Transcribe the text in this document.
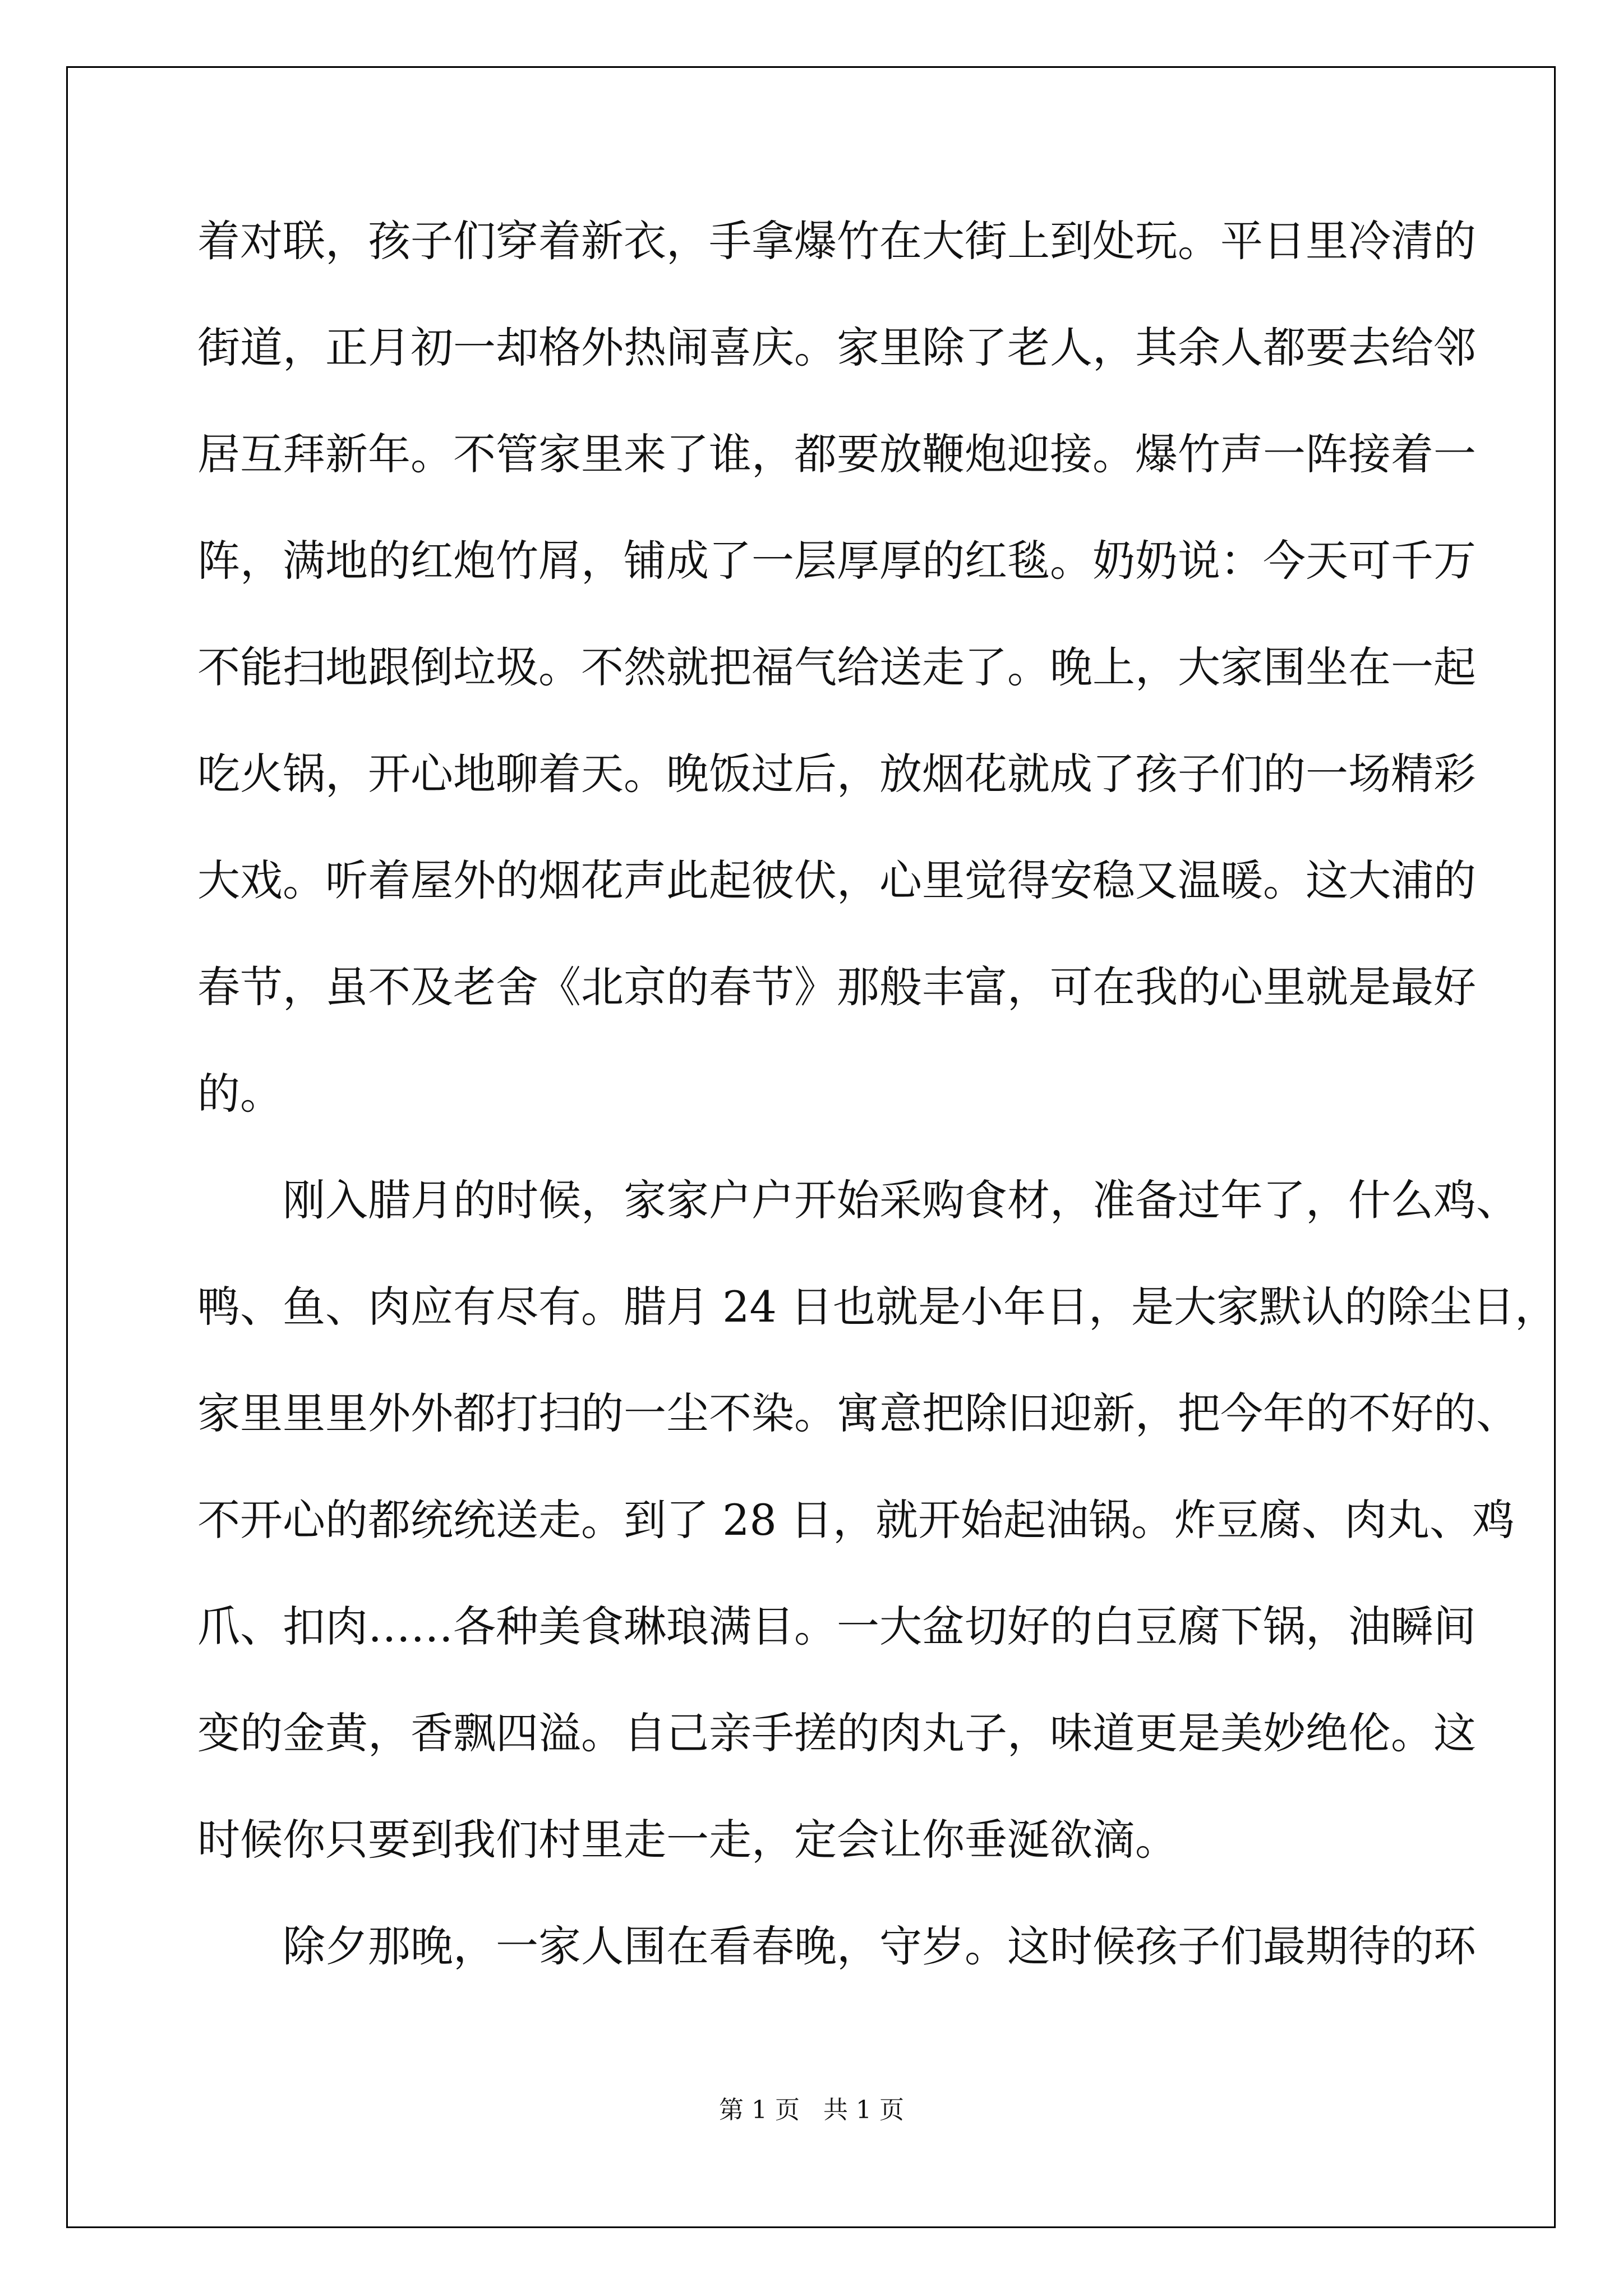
着对联，孩子们穿着新衣，手拿爆竹在大街上到处玩。平日里冷清的
街道，正月初一却格外热闹喜庆。家里除了老人，其余人都要去给邻
居互拜新年。不管家里来了谁，都要放鞭炮迎接。爆竹声一阵接着一
阵，满地的红炮竹屑，铺成了一层厚厚的红毯。奶奶说：今天可千万
不能扫地跟倒垃圾。不然就把福气给送走了。晚上，大家围坐在一起
吃火锅，开心地聊着天。晚饭过后，放烟花就成了孩子们的一场精彩
大戏。听着屋外的烟花声此起彼伏，心里觉得安稳又温暖。这大浦的
春节，虽不及老舍《北京的春节》那般丰富，可在我的心里就是最好
的。
刚入腊月的时候，家家户户开始采购食材，准备过年了，什么鸡、
鸭、鱼、肉应有尽有。腊月 24 日也就是小年日，是大家默认的除尘日，
家里里里外外都打扫的一尘不染。寓意把除旧迎新，把今年的不好的、
不开心的都统统送走。到了 28 日，就开始起油锅。炸豆腐、肉丸、鸡
爪、扣肉……各种美食琳琅满目。一大盆切好的白豆腐下锅，油瞬间
变的金黄，香飘四溢。自己亲手搓的肉丸子，味道更是美妙绝伦。这
时候你只要到我们村里走一走，定会让你垂涎欲滴。
除夕那晚，一家人围在看春晚，守岁。这时候孩子们最期待的环
第 1 页 共 1 页
